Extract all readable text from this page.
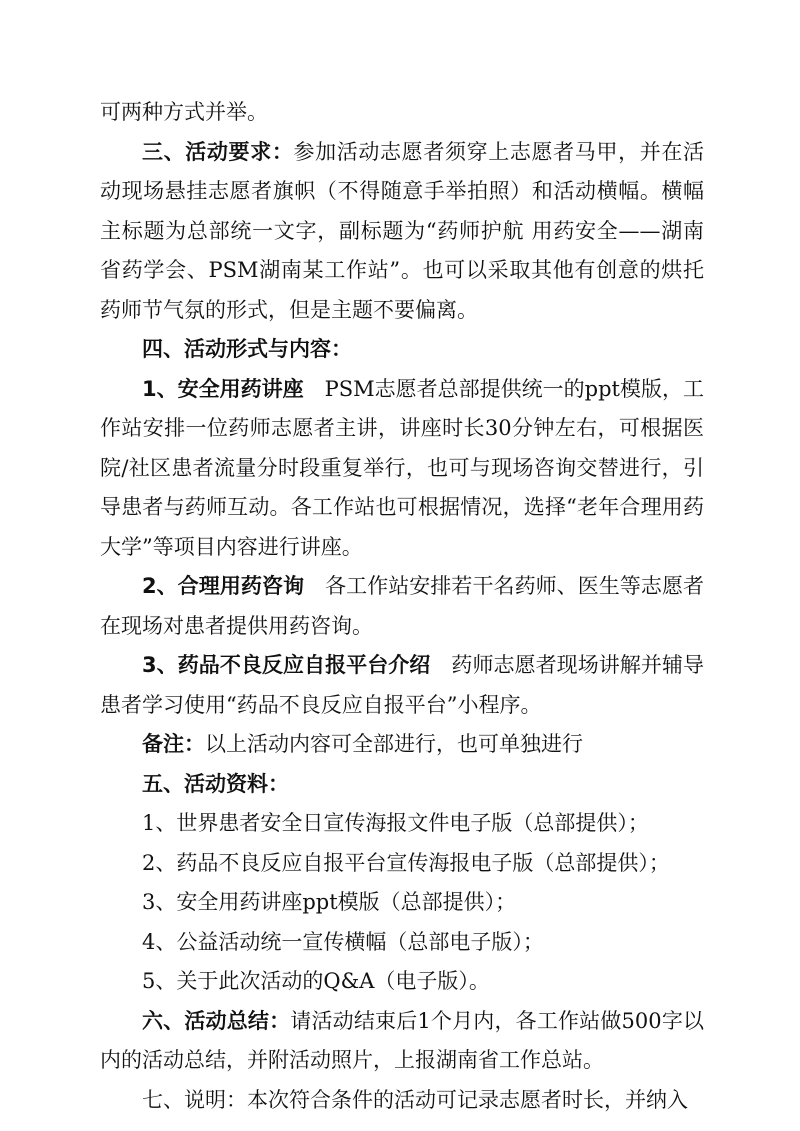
可两种方式并举。

三、活动要求：参加活动志愿者须穿上志愿者马甲，并在活动现场悬挂志愿者旗帜（不得随意手举拍照）和活动横幅。横幅主标题为总部统一文字，副标题为“药师护航 用药安全——湖南省药学会、PSM湖南某工作站”。也可以采取其他有创意的烘托药师节气氛的形式，但是主题不要偏离。

四、活动形式与内容：

1、安全用药讲座 PSM志愿者总部提供统一的ppt模版，工作站安排一位药师志愿者主讲，讲座时长30分钟左右，可根据医院/社区患者流量分时段重复举行，也可与现场咨询交替进行，引导患者与药师互动。各工作站也可根据情况，选择“老年合理用药大学”等项目内容进行讲座。

2、合理用药咨询 各工作站安排若干名药师、医生等志愿者在现场对患者提供用药咨询。

3、药品不良反应自报平台介绍 药师志愿者现场讲解并辅导患者学习使用“药品不良反应自报平台”小程序。

备注：以上活动内容可全部进行，也可单独进行

五、活动资料：

1、世界患者安全日宣传海报文件电子版（总部提供）；

2、药品不良反应自报平台宣传海报电子版（总部提供）；

3、安全用药讲座ppt模版（总部提供）；

4、公益活动统一宣传横幅（总部电子版）；

5、关于此次活动的Q&A（电子版）。

六、活动总结：请活动结束后1个月内，各工作站做500字以内的活动总结，并附活动照片，上报湖南省工作总站。

七、说明：本次符合条件的活动可记录志愿者时长，并纳入
